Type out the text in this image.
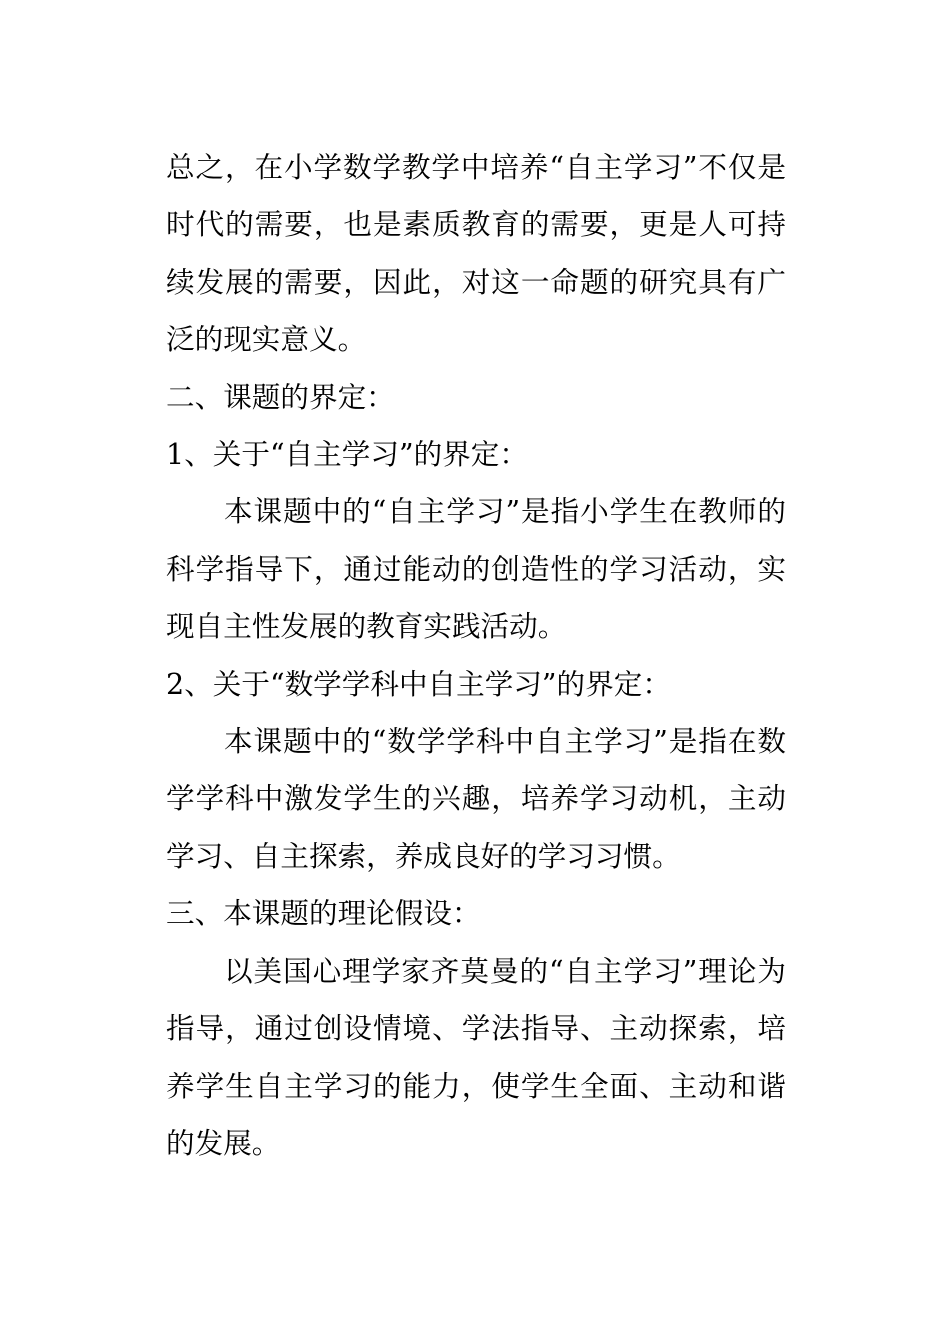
总之，在小学数学教学中培养“自主学习”不仅是时代的需要，也是素质教育的需要，更是人可持续发展的需要，因此，对这一命题的研究具有广泛的现实意义。

二、课题的界定：

1、关于“自主学习”的界定：

本课题中的“自主学习”是指小学生在教师的科学指导下，通过能动的创造性的学习活动，实现自主性发展的教育实践活动。

2、关于“数学学科中自主学习”的界定：

本课题中的“数学学科中自主学习”是指在数学学科中激发学生的兴趣，培养学习动机，主动学习、自主探索，养成良好的学习习惯。

三、本课题的理论假设：

以美国心理学家齐莫曼的“自主学习”理论为指导，通过创设情境、学法指导、主动探索，培养学生自主学习的能力，使学生全面、主动和谐的发展。
